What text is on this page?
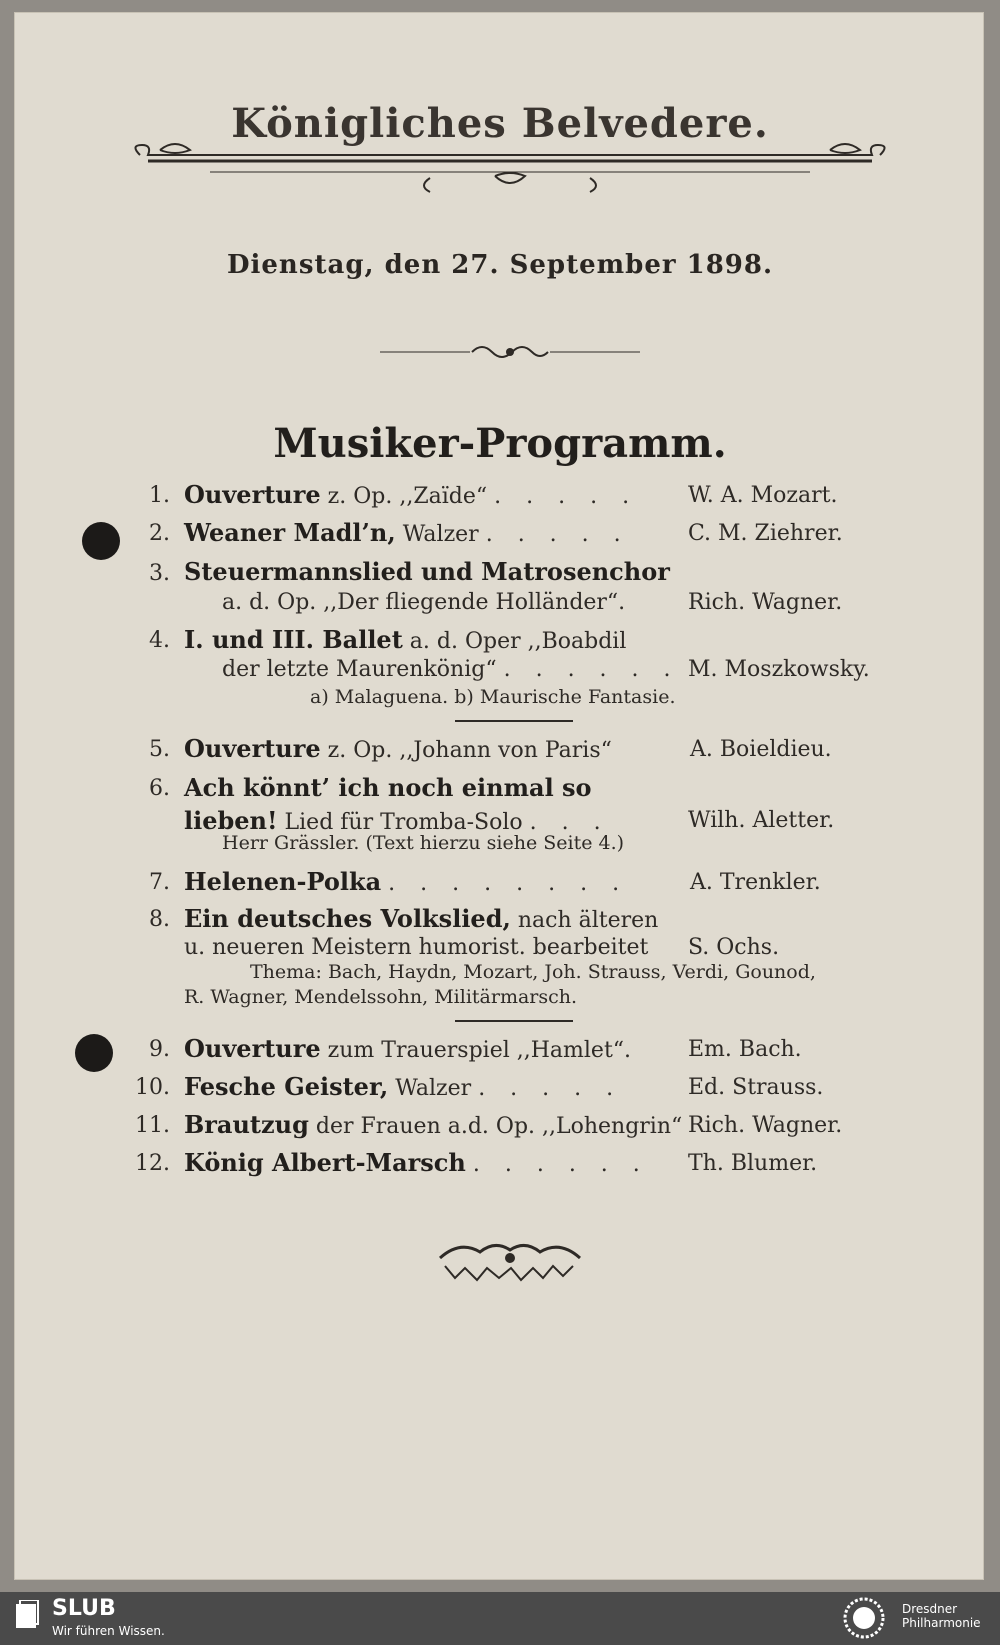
Königliches Belvedere.
Dienstag, den 27. September 1898.
Musiker-Programm.
1. Ouverture z. Op. ,,Zaïde“ . . . . . W. A. Mozart.
2. Weaner Madl’n, Walzer . . . . .	C. M. Ziehrer.
3. Steuermannslied und Matrosenchor
a. d. Op. ,,Der fliegende Holländer“.	Rich. Wagner.
4. I. und III. Ballet a. d. Oper ,,Boabdil
der letzte Maurenkönig“ . . . . . . M. Moszkowsky.
a) Malaguena. b) Maurische Fantasie.
5. Ouverture z. Op. ,,Johann von Paris“	A. Boieldieu.
6. Ach könnt’ ich noch einmal so
lieben! Lied für Tromba-Solo . . .	Wilh. Aletter.
Herr Grässler. (Text hierzu siehe Seite 4.)
7. Helenen-Polka . . . . . . . .	A. Trenkler.
8. Ein deutsches Volkslied, nach älteren
u. neueren Meistern humorist. bearbeitet S. Ochs.
Thema: Bach, Haydn, Mozart, Joh. Strauss, Verdi, Gounod,
R. Wagner, Mendelssohn, Militärmarsch.
9. Ouverture zum Trauerspiel ,,Hamlet“.	Em. Bach.
10. Fesche Geister, Walzer . . . . .	Ed. Strauss.
11. Brautzug der Frauen a.d. Op. ,,Lohengrin“ Rich. Wagner.
12. König Albert-Marsch . . . . . . Th. Blumer.
SLUB
Wir führen Wissen.
Dresdner
Philharmonie
